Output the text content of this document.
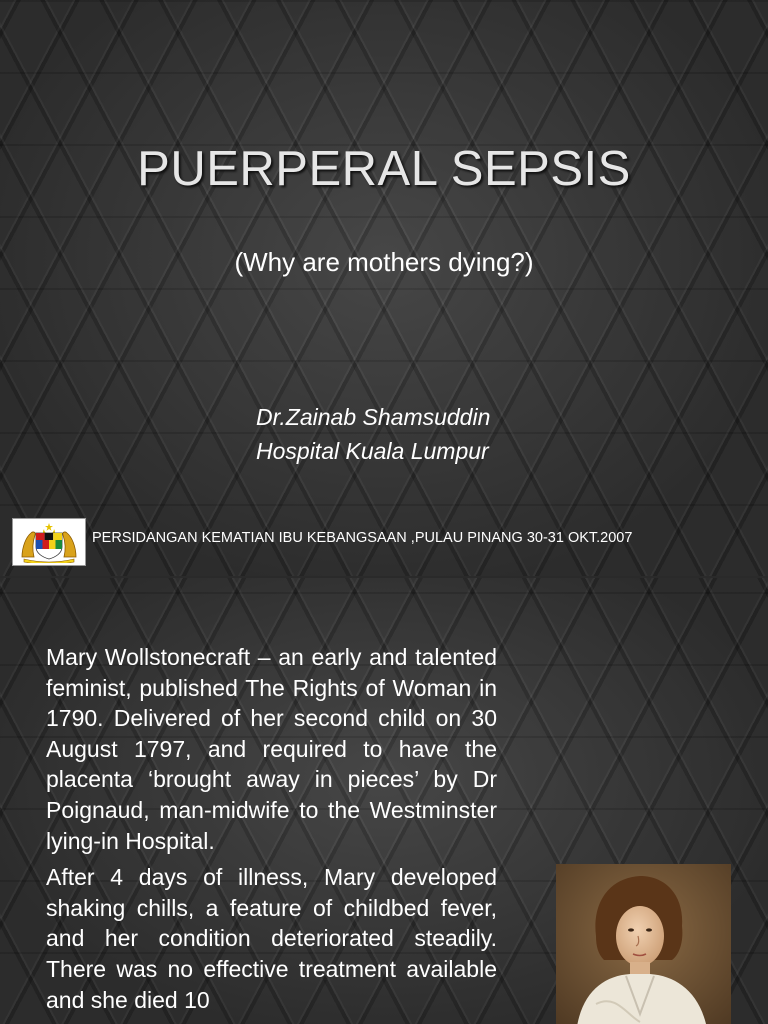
PUERPERAL SEPSIS
(Why are mothers dying?)
Dr.Zainab Shamsuddin
Hospital Kuala Lumpur
PERSIDANGAN KEMATIAN IBU KEBANGSAAN ,PULAU PINANG 30-31 OKT.2007

Mary Wollstonecraft – an early and talented feminist, published The Rights of Woman in 1790. Delivered of her second child on 30 August 1797, and required to have the placenta ‘brought away in pieces’ by Dr Poignaud, man-midwife to the Westminster lying-in Hospital.

After 4 days of illness, Mary developed shaking chills, a feature of childbed fever, and her condition deteriorated steadily. There was no effective treatment available and she died 10
